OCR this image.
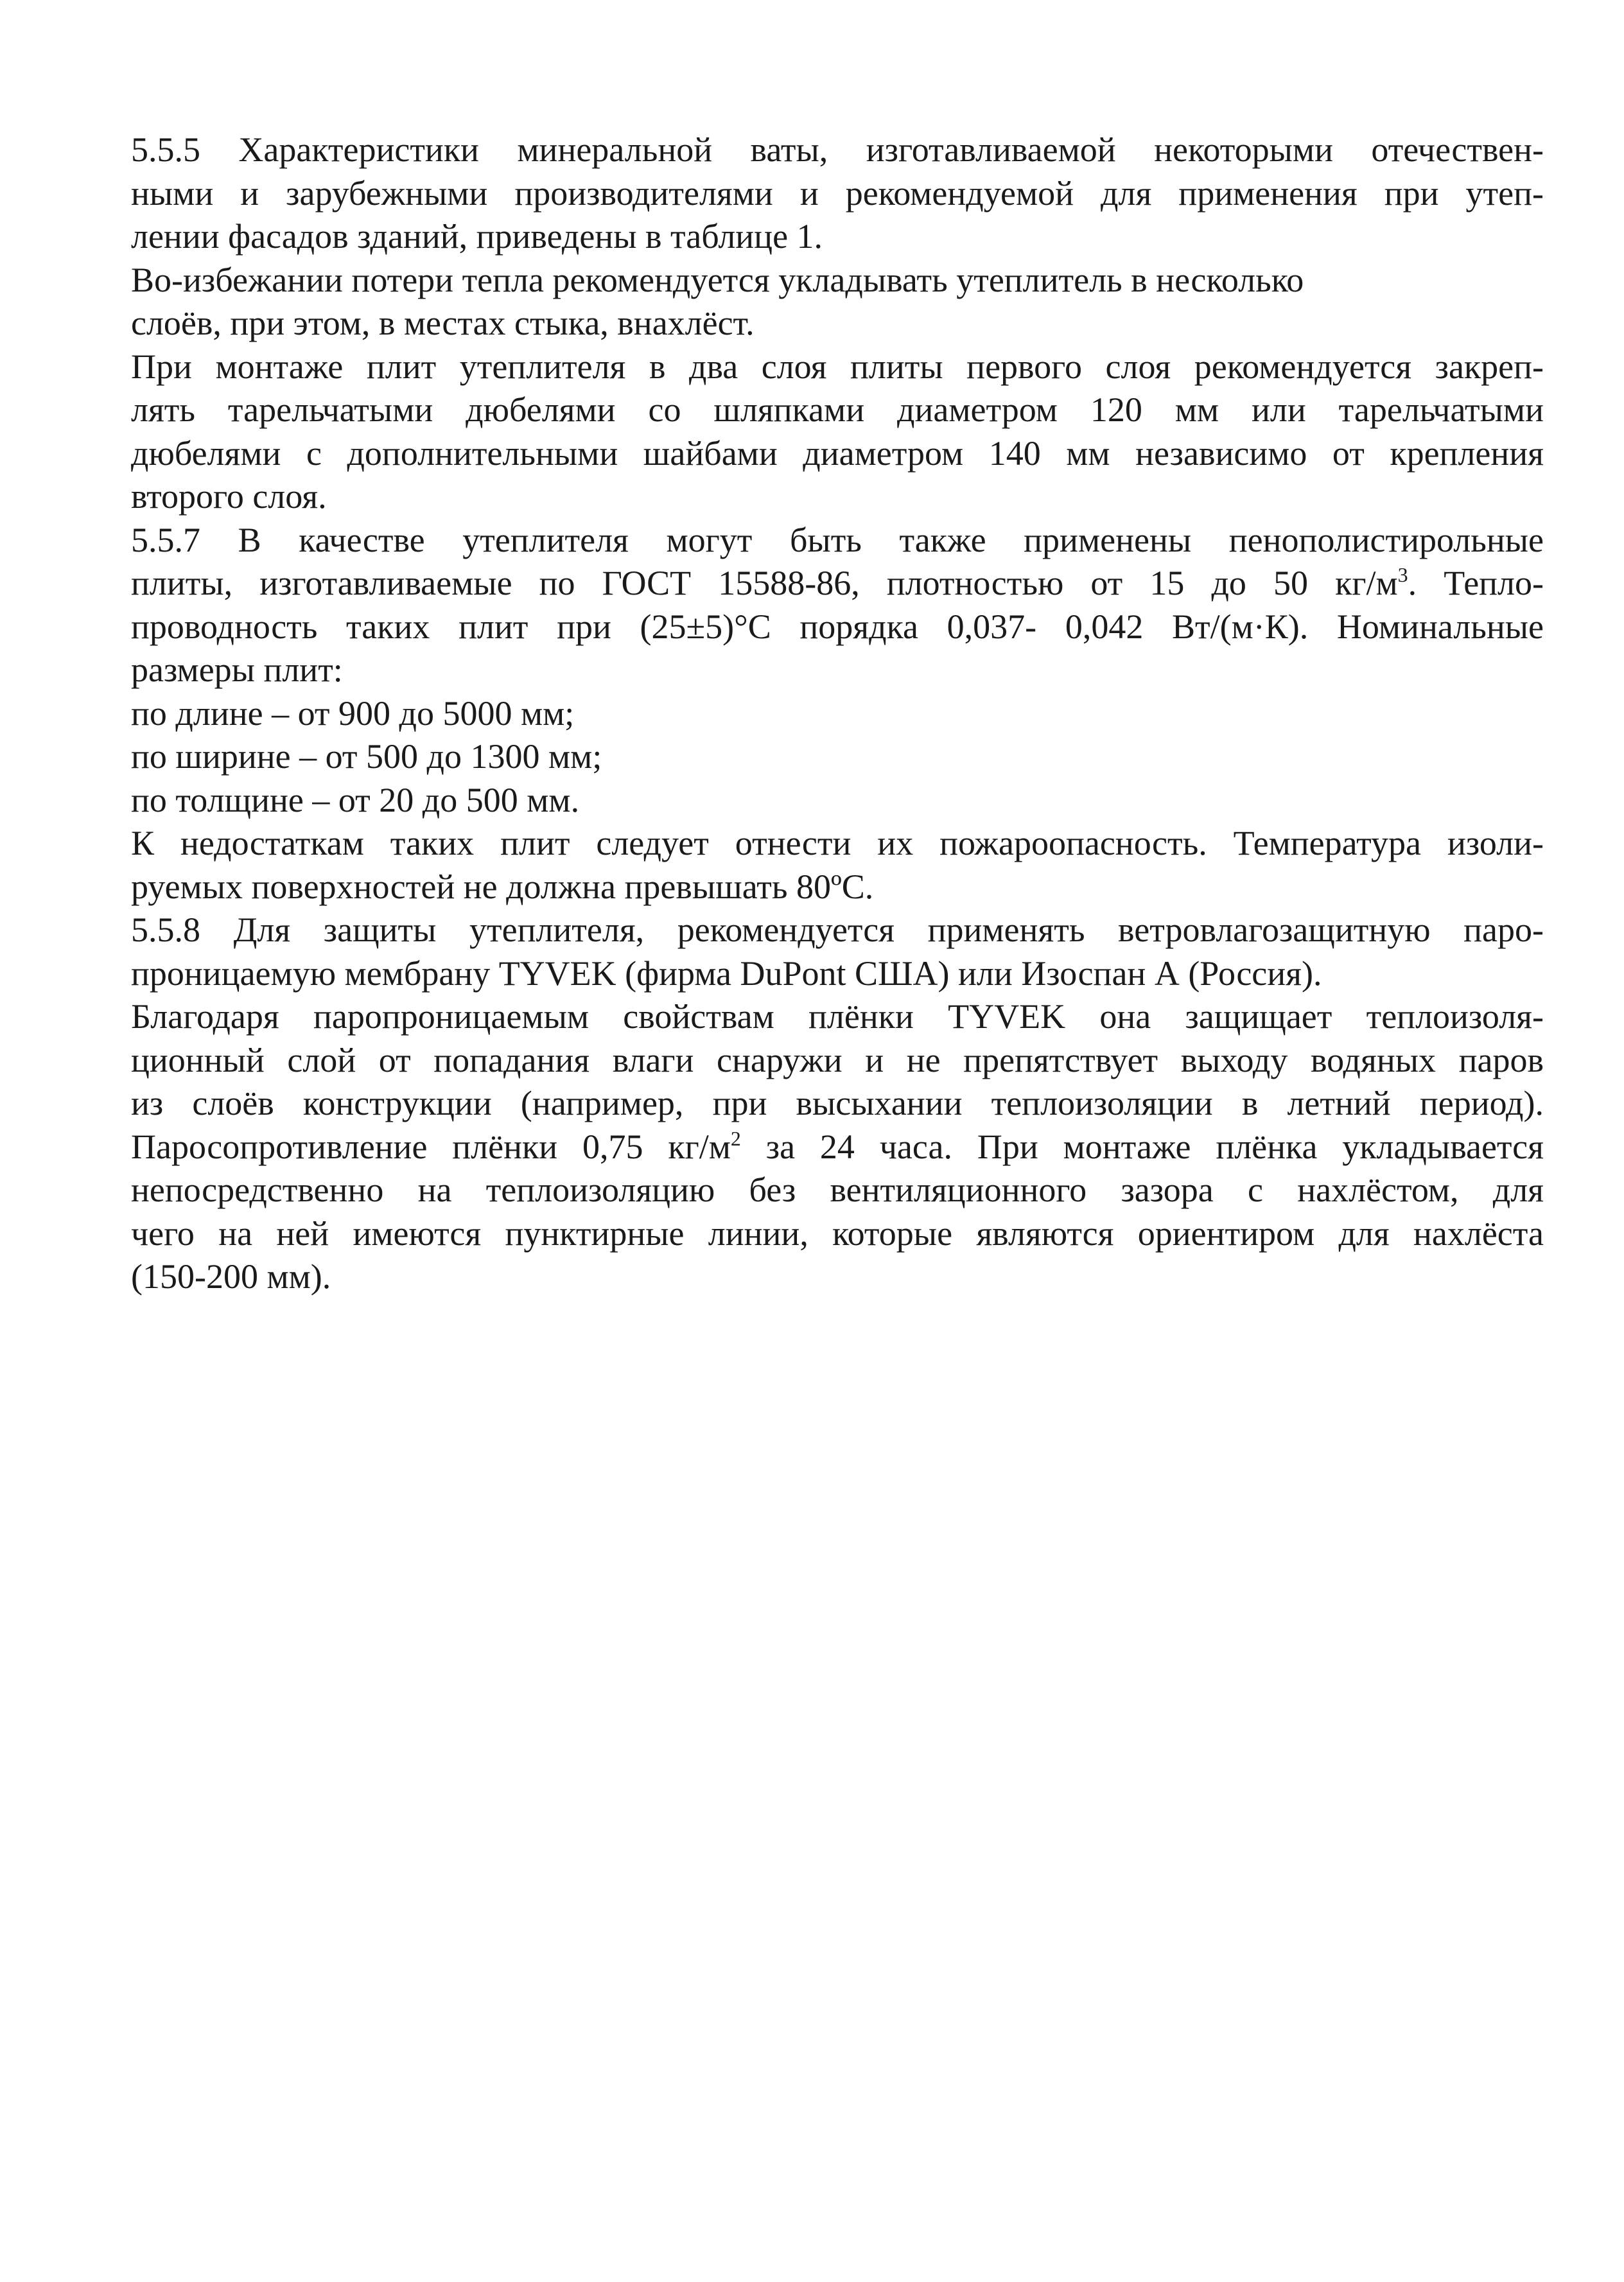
5.5.5 Характеристики минеральной ваты, изготавливаемой некоторыми отечествен-
ными и зарубежными производителями и рекомендуемой для применения при утеп-
лении фасадов зданий, приведены в таблице 1.
Во-избежании потери тепла рекомендуется укладывать утеплитель в несколько
слоёв, при этом, в местах стыка, внахлёст.
При монтаже плит утеплителя в два слоя плиты первого слоя рекомендуется закреп-
лять тарельчатыми дюбелями со шляпками диаметром 120 мм или тарельчатыми
дюбелями с дополнительными шайбами диаметром 140 мм независимо от крепления
второго слоя.
5.5.7 В качестве утеплителя могут быть также применены пенополистирольные
плиты, изготавливаемые по ГОСТ 15588-86, плотностью от 15 до 50 $кг/м^3$. Тепло-
проводность таких плит при (25±5)°С порядка 0,037- 0,042 Вт/(м·К). Номинальные
размеры плит:
по длине – от 900 до 5000 мм;
по ширине – от 500 до 1300 мм;
по толщине – от 20 до 500 мм.
К недостаткам таких плит следует отнести их пожароопасность. Температура изоли-
руемых поверхностей не должна превышать 80ºС.
5.5.8 Для защиты утеплителя, рекомендуется применять ветровлагозащитную паро-
проницаемую мембрану TYVEK (фирма DuPont США) или Изоспан А (Россия).
Благодаря паропроницаемым свойствам плёнки TYVEK она защищает теплоизоля-
ционный слой от попадания влаги снаружи и не препятствует выходу водяных паров
из слоёв конструкции (например, при высыхании теплоизоляции в летний период).
Паросопротивление плёнки 0,75 $кг/м^2$ за 24 часа. При монтаже плёнка укладывается
непосредственно на теплоизоляцию без вентиляционного зазора с нахлёстом, для
чего на ней имеются пунктирные линии, которые являются ориентиром для нахлёста
(150-200 мм).
